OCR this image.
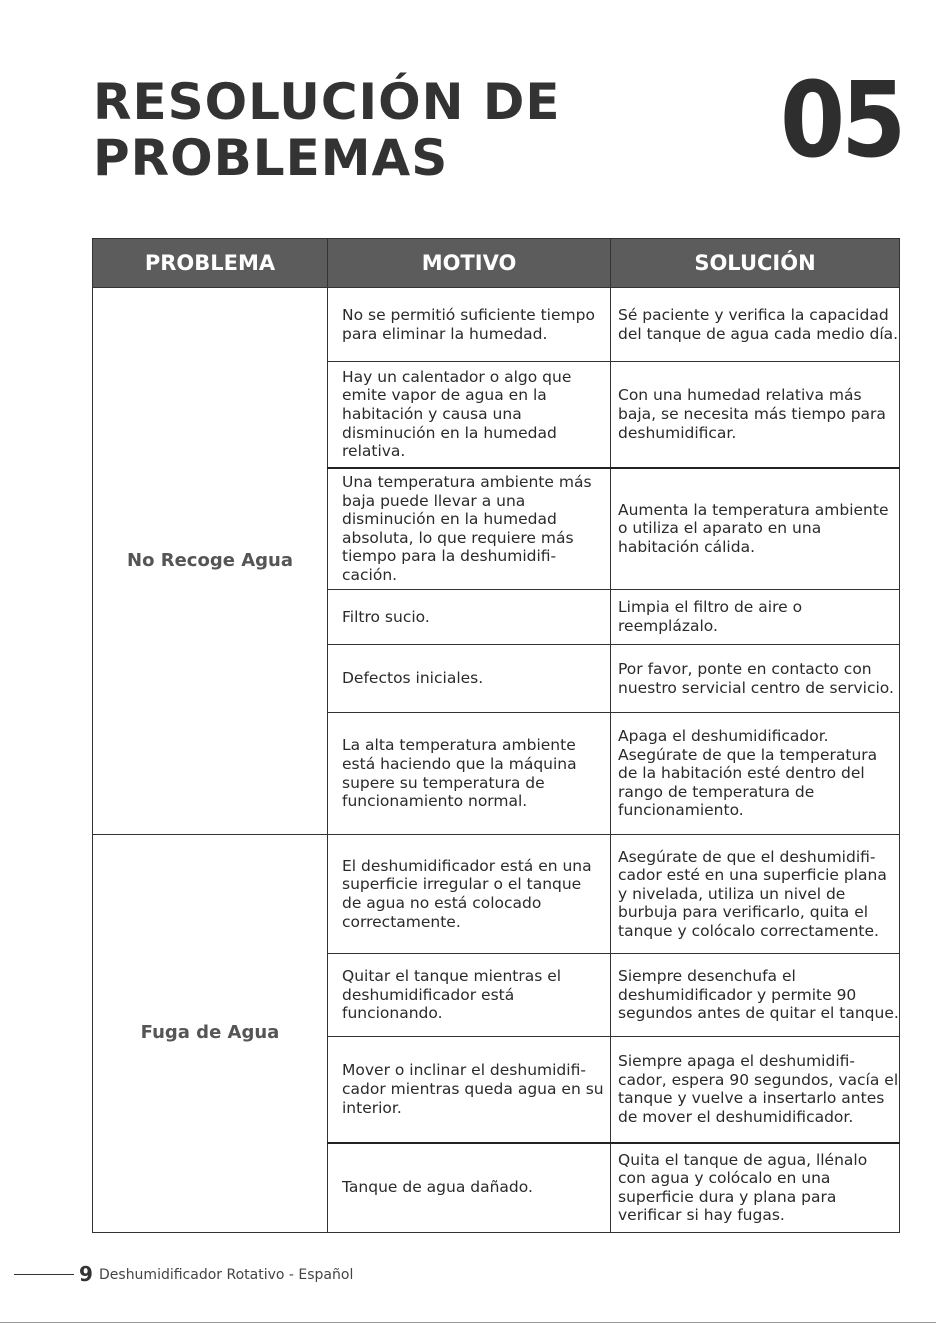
RESOLUCIÓN DE
PROBLEMAS	05
PROBLEMA	MOTIVO	SOLUCIÓN
No Recoge Agua	No se permitió suficiente tiempo para eliminar la humedad.	Sé paciente y verifica la capacidad del tanque de agua cada medio día.
	Hay un calentador o algo que emite vapor de agua en la habitación y causa una disminución en la humedad relativa.	Con una humedad relativa más baja, se necesita más tiempo para deshumidificar.
	Una temperatura ambiente más baja puede llevar a una disminución en la humedad absoluta, lo que requiere más tiempo para la deshumidifi-cación.	Aumenta la temperatura ambiente o utiliza el aparato en una habitación cálida.
	Filtro sucio.	Limpia el filtro de aire o reemplázalo.
	Defectos iniciales.	Por favor, ponte en contacto con nuestro servicial centro de servicio.
	La alta temperatura ambiente está haciendo que la máquina supere su temperatura de funcionamiento normal.	Apaga el deshumidificador. Asegúrate de que la temperatura de la habitación esté dentro del rango de temperatura de funcionamiento.
Fuga de Agua	El deshumidificador está en una superficie irregular o el tanque de agua no está colocado correctamente.	Asegúrate de que el deshumidifi-cador esté en una superficie plana y nivelada, utiliza un nivel de burbuja para verificarlo, quita el tanque y colócalo correctamente.
	Quitar el tanque mientras el deshumidificador está funcionando.	Siempre desenchufa el deshumidificador y permite 90 segundos antes de quitar el tanque.
	Mover o inclinar el deshumidifi-cador mientras queda agua en su interior.	Siempre apaga el deshumidifi-cador, espera 90 segundos, vacía el tanque y vuelve a insertarlo antes de mover el deshumidificador.
	Tanque de agua dañado.	Quita el tanque de agua, llénalo con agua y colócalo en una superficie dura y plana para verificar si hay fugas.
9 Deshumidificador Rotativo - Español
